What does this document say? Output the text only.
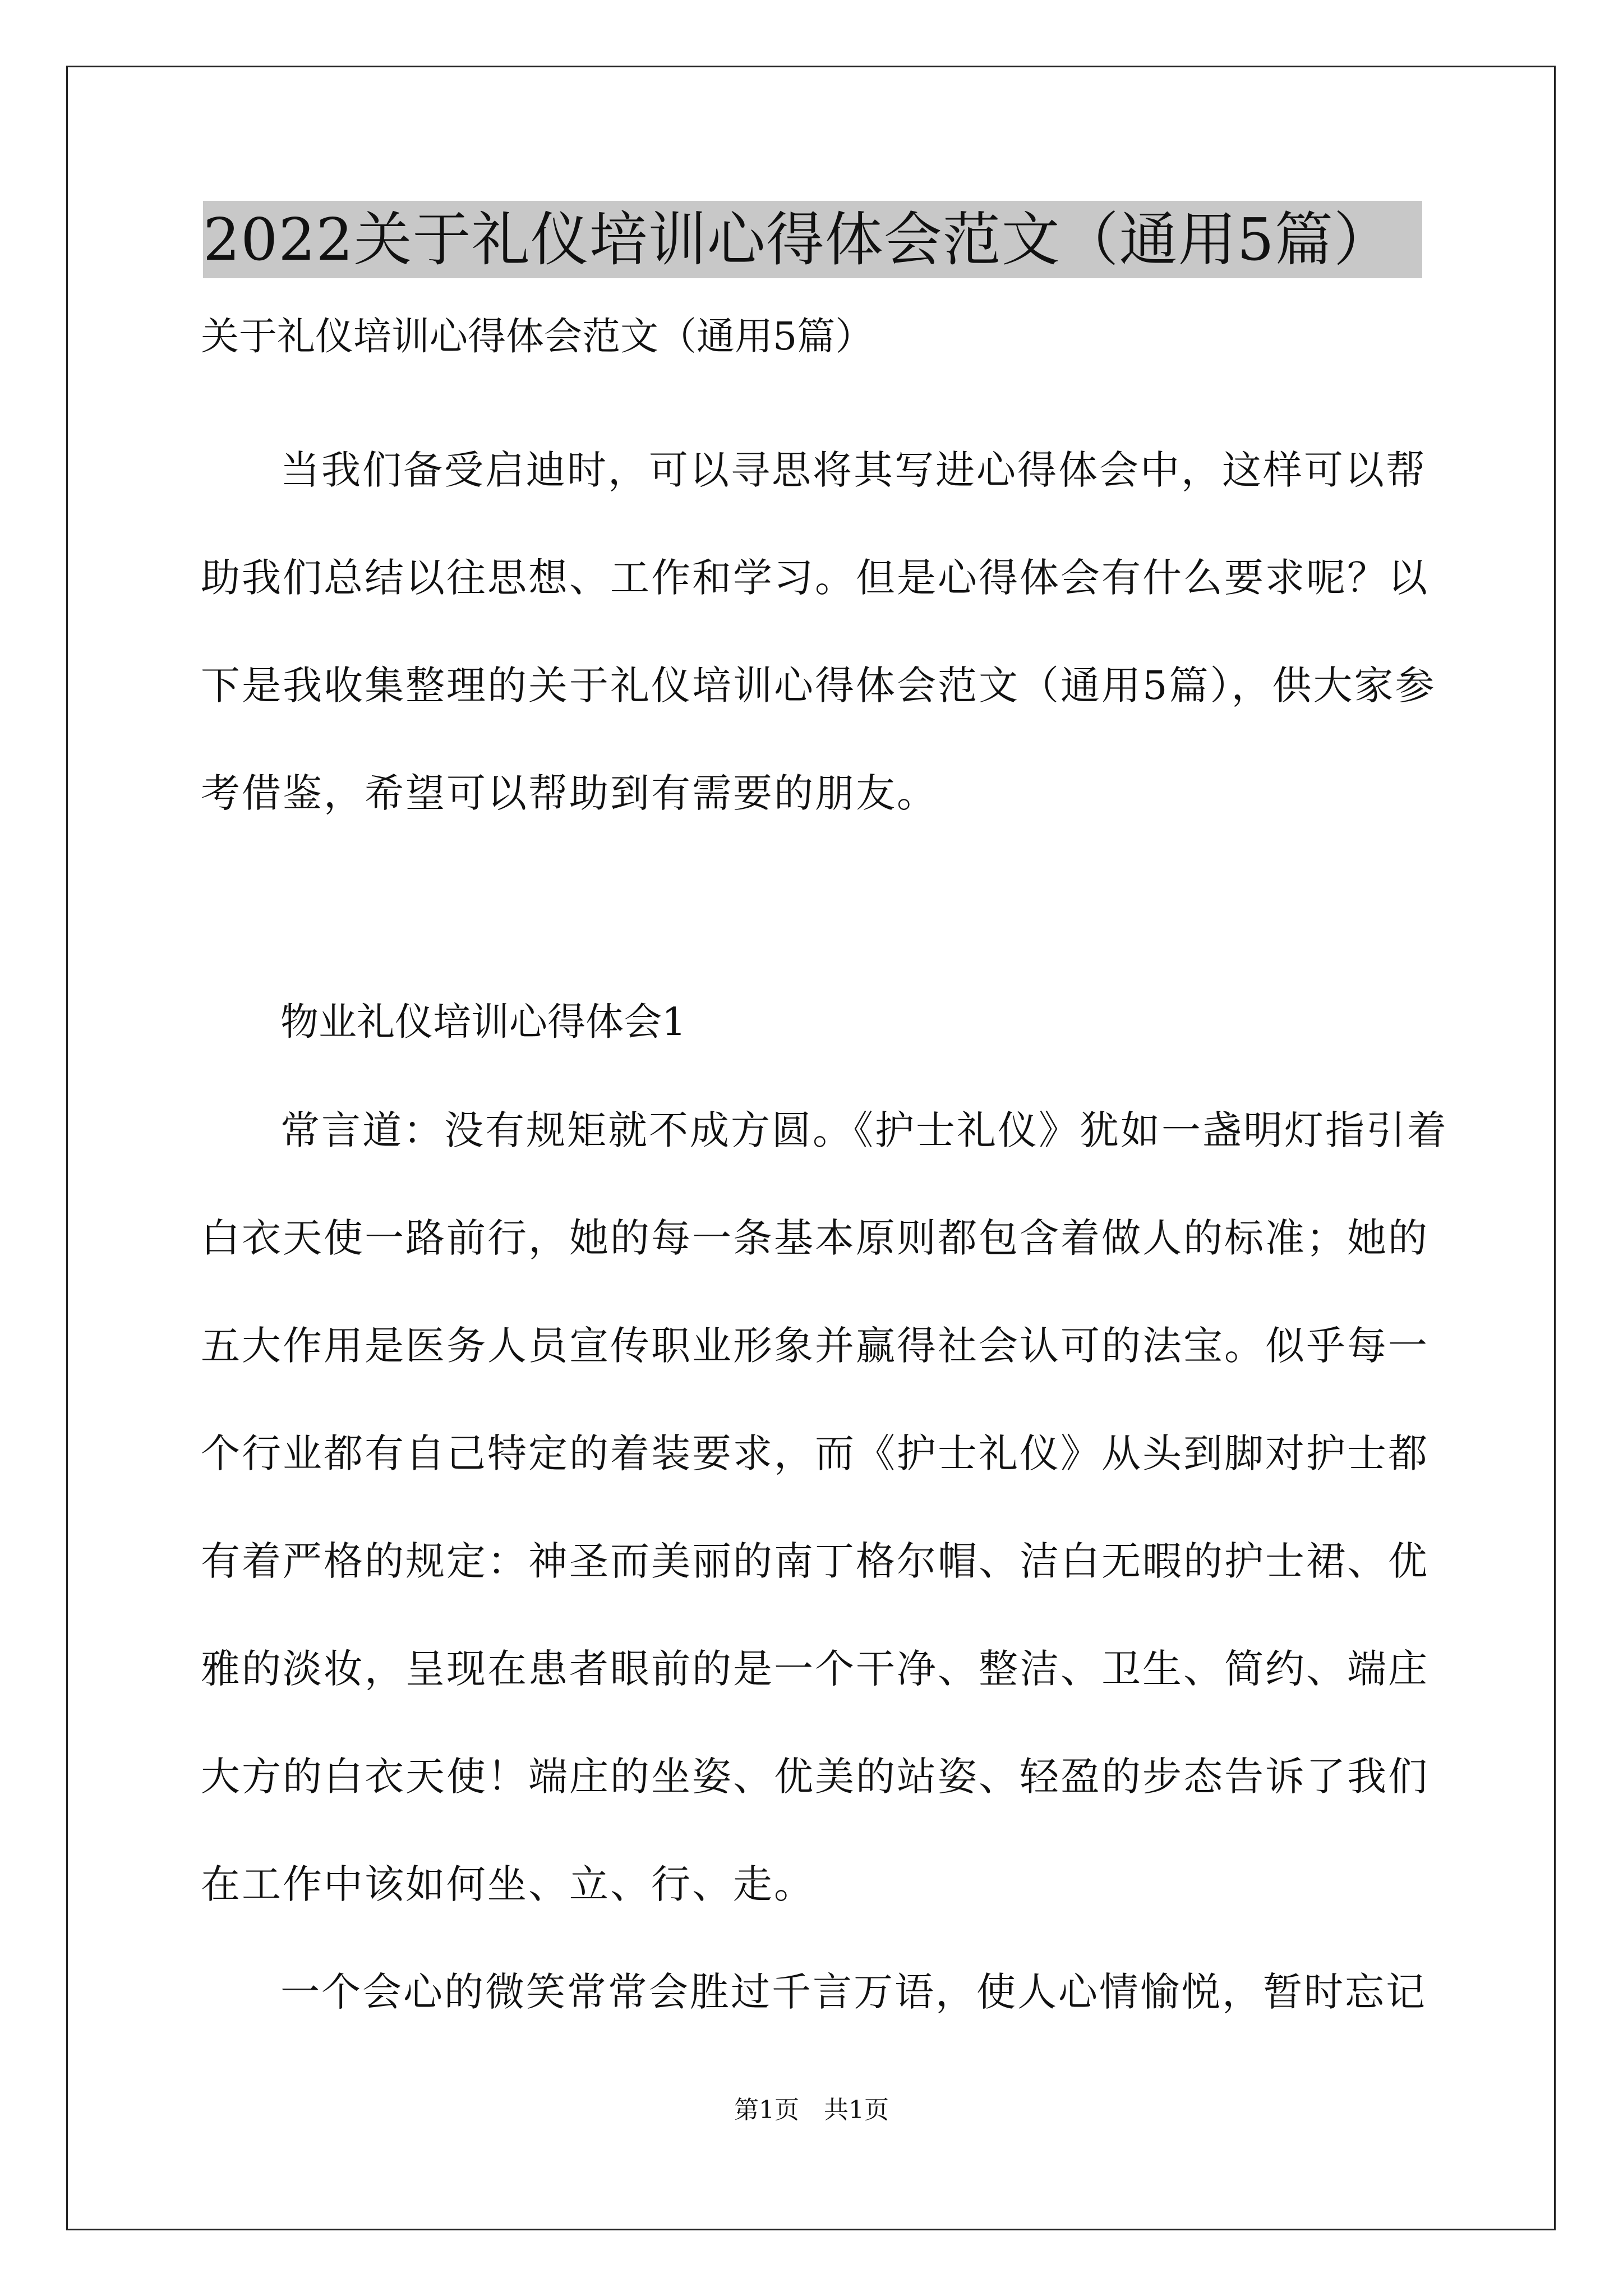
2022关于礼仪培训心得体会范文（通用5篇）
关于礼仪培训心得体会范文（通用5篇）
当我们备受启迪时，可以寻思将其写进心得体会中，这样可以帮
助我们总结以往思想、工作和学习。但是心得体会有什么要求呢？以
下是我收集整理的关于礼仪培训心得体会范文（通用5篇），供大家参
考借鉴，希望可以帮助到有需要的朋友。
物业礼仪培训心得体会1
常言道：没有规矩就不成方圆。《护士礼仪》犹如一盏明灯指引着
白衣天使一路前行，她的每一条基本原则都包含着做人的标准；她的
五大作用是医务人员宣传职业形象并赢得社会认可的法宝。似乎每一
个行业都有自己特定的着装要求，而《护士礼仪》从头到脚对护士都
有着严格的规定：神圣而美丽的南丁格尔帽、洁白无暇的护士裙、优
雅的淡妆，呈现在患者眼前的是一个干净、整洁、卫生、简约、端庄
大方的白衣天使！端庄的坐姿、优美的站姿、轻盈的步态告诉了我们
在工作中该如何坐、立、行、走。
一个会心的微笑常常会胜过千言万语，使人心情愉悦，暂时忘记
第1页　共1页
